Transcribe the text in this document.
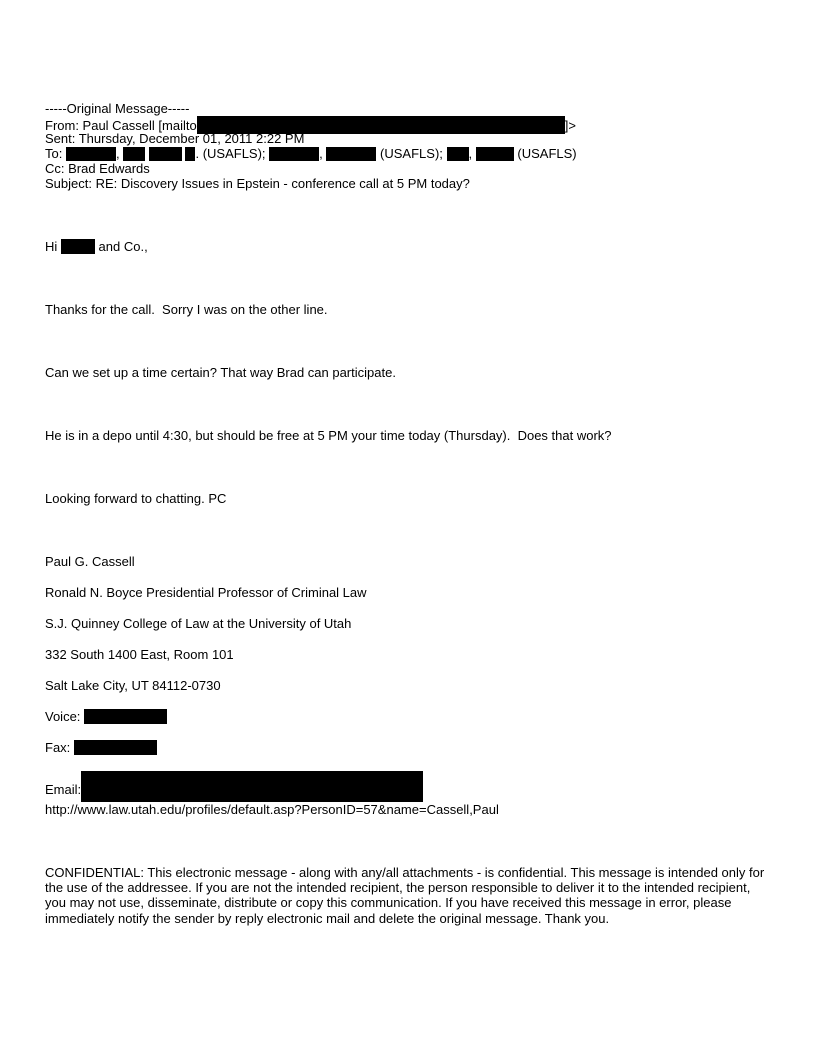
-----Original Message-----
From: Paul Cassell [mailto	]>
Sent: Thursday, December 01, 2011 2:22 PM
To:	,	. (USAFLS);	,	(USAFLS); ,	(USAFLS)
Cc: Brad Edwards
Subject: RE: Discovery Issues in Epstein - conference call at 5 PM today?
Hi	and Co.,
Thanks for the call.  Sorry I was on the other line.
Can we set up a time certain? That way Brad can participate.
He is in a depo until 4:30, but should be free at 5 PM your time today (Thursday).  Does that work?
Looking forward to chatting. PC
Paul G. Cassell
Ronald N. Boyce Presidential Professor of Criminal Law
S.J. Quinney College of Law at the University of Utah
332 South 1400 East, Room 101
Salt Lake City, UT 84112-0730
Voice:
Fax:
Email:
http://www.law.utah.edu/profiles/default.asp?PersonID=57&name=Cassell,Paul
CONFIDENTIAL: This electronic message - along with any/all attachments - is confidential. This message is intended only for the use of the addressee. If you are not the intended recipient, the person responsible to deliver it to the intended recipient, you may not use, disseminate, distribute or copy this communication. If you have received this message in error, please immediately notify the sender by reply electronic mail and delete the original message. Thank you.
